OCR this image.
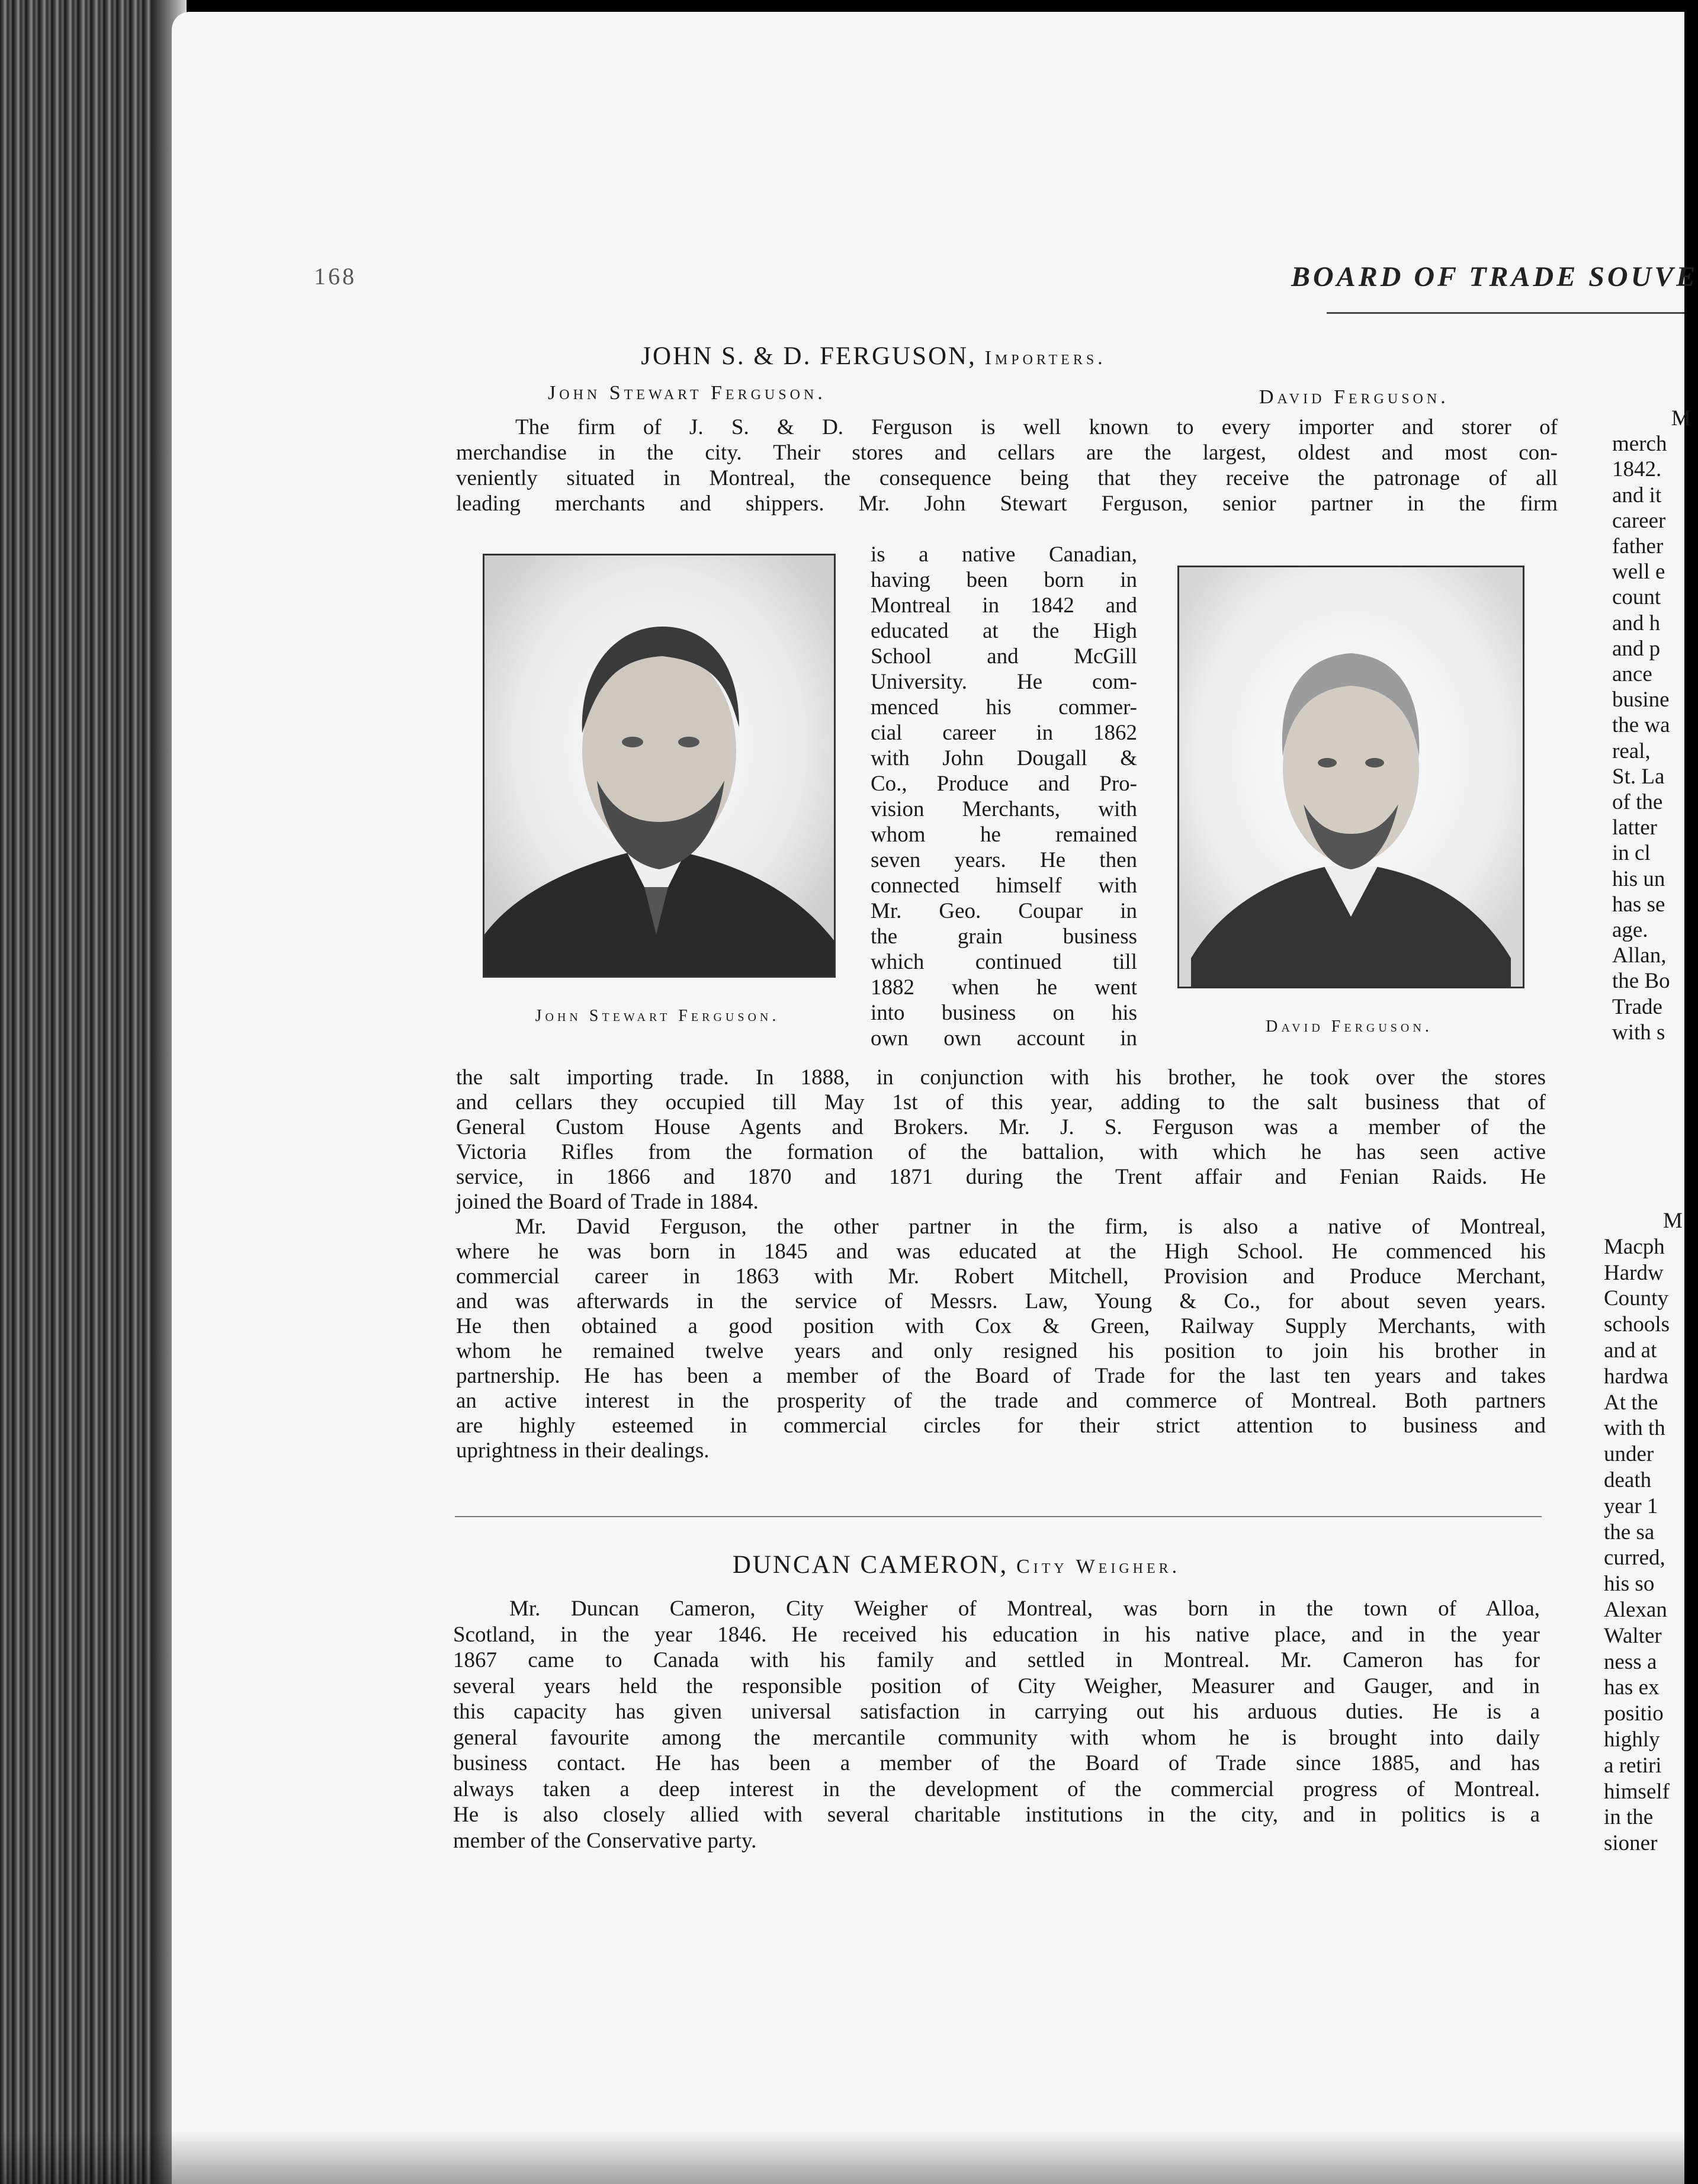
168	BOARD OF TRADE SOUVE
JOHN S. & D. FERGUSON, Importers.
John Stewart Ferguson.	David Ferguson.
The firm of J. S. & D. Ferguson is well known to every importer and storer of
merchandise in the city. Their stores and cellars are the largest, oldest and most con-
veniently situated in Montreal, the consequence being that they receive the patronage of all
leading merchants and shippers. Mr. John Stewart Ferguson, senior partner in the firm
is a native Canadian,
having been born in
Montreal in 1842 and
educated at the High
School and McGill
University. He com-
menced his commer-
cial career in 1862
with John Dougall &
Co., Produce and Pro-
vision Merchants, with
whom he remained
seven years. He then
connected himself with
Mr. Geo. Coupar in
the grain business
which continued till
1882 when he went
into business on his
own own account in
John Stewart Ferguson.
David Ferguson.
the salt importing trade. In 1888, in conjunction with his brother, he took over the stores
and cellars they occupied till May 1st of this year, adding to the salt business that of
General Custom House Agents and Brokers. Mr. J. S. Ferguson was a member of the
Victoria Rifles from the formation of the battalion, with which he has seen active
service, in 1866 and 1870 and 1871 during the Trent affair and Fenian Raids. He
joined the Board of Trade in 1884.
Mr. David Ferguson, the other partner in the firm, is also a native of Montreal,
where he was born in 1845 and was educated at the High School. He commenced his
commercial career in 1863 with Mr. Robert Mitchell, Provision and Produce Merchant,
and was afterwards in the service of Messrs. Law, Young & Co., for about seven years.
He then obtained a good position with Cox & Green, Railway Supply Merchants, with
whom he remained twelve years and only resigned his position to join his brother in
partnership. He has been a member of the Board of Trade for the last ten years and takes
an active interest in the prosperity of the trade and commerce of Montreal. Both partners
are highly esteemed in commercial circles for their strict attention to business and
uprightness in their dealings.
DUNCAN CAMERON, City Weigher.
Mr. Duncan Cameron, City Weigher of Montreal, was born in the town of Alloa,
Scotland, in the year 1846. He received his education in his native place, and in the year
1867 came to Canada with his family and settled in Montreal. Mr. Cameron has for
several years held the responsible position of City Weigher, Measurer and Gauger, and in
this capacity has given universal satisfaction in carrying out his arduous duties. He is a
general favourite among the mercantile community with whom he is brought into daily
business contact. He has been a member of the Board of Trade since 1885, and has
always taken a deep interest in the development of the commercial progress of Montreal.
He is also closely allied with several charitable institutions in the city, and in politics is a
member of the Conservative party.
M
merch
1842.
and it
career
father
well e
count
and h
and p
ance
busine
the wa
real,
St. La
of the
latter
in cl
his un
has se
age.
Allan,
the Bo
Trade
with s
M
Macph
Hardw
County
schools
and at
hardwa
At the
with th
under
death
year 1
the sa
curred,
his so
Alexan
Walter
ness a
has ex
positio
highly
a retiri
himself
in the
sioner
